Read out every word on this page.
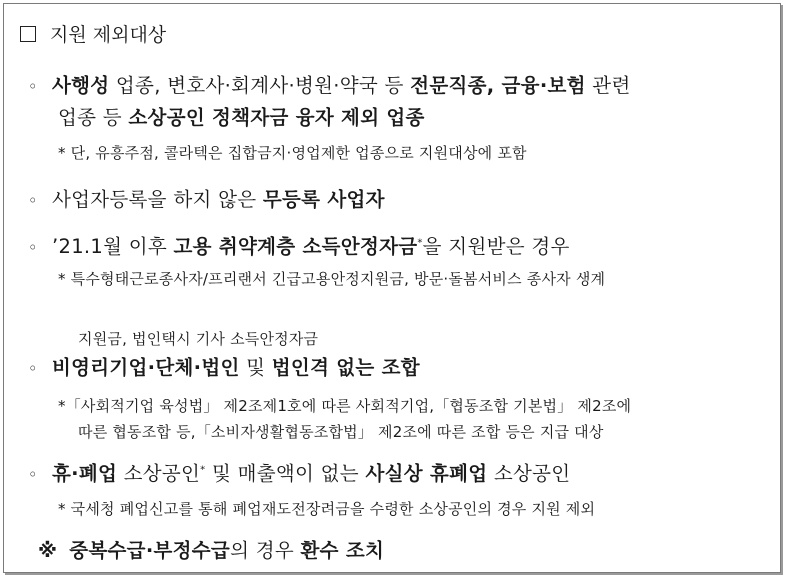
지원 제외대상
◦ 사행성 업종, 변호사·회계사·병원·약국 등 전문직종, 금융·보험 관련
업종 등 소상공인 정책자금 융자 제외 업종
* 단, 유흥주점, 콜라텍은 집합금지·영업제한 업종으로 지원대상에 포함
◦ 사업자등록을 하지 않은 무등록 사업자
◦ ’21.1월 이후 고용 취약계층 소득안정자금*을 지원받은 경우
* 특수형태근로종사자/프리랜서 긴급고용안정지원금, 방문·돌봄서비스 종사자 생계
지원금, 법인택시 기사 소득안정자금
◦ 비영리기업·단체·법인 및 법인격 없는 조합
*「사회적기업 육성법」 제2조제1호에 따른 사회적기업,「협동조합 기본법」 제2조에
따른 협동조합 등,「소비자생활협동조합법」 제2조에 따른 조합 등은 지급 대상
◦ 휴·폐업 소상공인* 및 매출액이 없는 사실상 휴폐업 소상공인
* 국세청 폐업신고를 통해 폐업재도전장려금을 수령한 소상공인의 경우 지원 제외
※ 중복수급·부정수급의 경우 환수 조치
